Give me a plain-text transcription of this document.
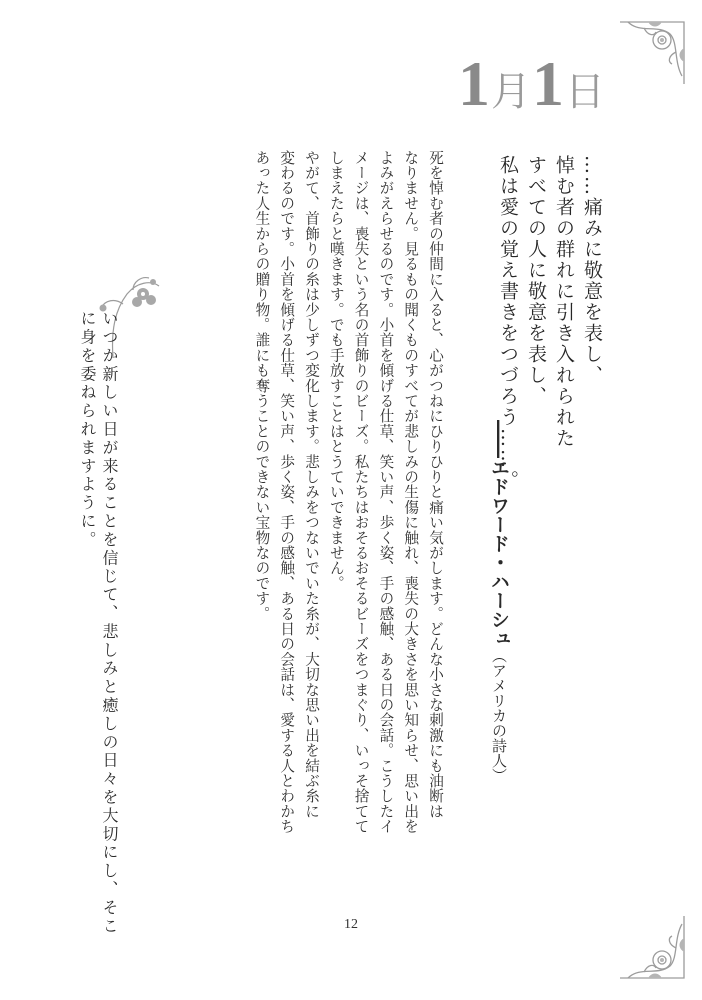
1月1日
……痛みに敬意を表し、
悼む者の群れに引き入れられた
すべての人に敬意を表し、
私は愛の覚え書きをつづろう……。
――エドワード・ハーシュ（アメリカの詩人）
死を悼む者の仲間に入ると、心がつねにひりひりと痛い気がします。どんな小さな刺激にも油断は
なりません。見るもの聞くものすべてが悲しみの生傷に触れ、喪失の大きさを思い知らせ、思い出を
よみがえらせるのです。小首を傾げる仕草、笑い声、歩く姿、手の感触、ある日の会話。こうしたイ
メージは、喪失という名の首飾りのビーズ。私たちはおそるおそるビーズをつまぐり、いっそ捨てて
しまえたらと嘆きます。でも手放すことはとうていできません。
やがて、首飾りの糸は少しずつ変化します。悲しみをつないでいた糸が、大切な思い出を結ぶ糸に
変わるのです。小首を傾げる仕草、笑い声、歩く姿、手の感触、ある日の会話は、愛する人とわかち
あった人生からの贈り物。誰にも奪うことのできない宝物なのです。
いつか新しい日が来ることを信じて、悲しみと癒しの日々を大切にし、そこ
に身を委ねられますように。
12
